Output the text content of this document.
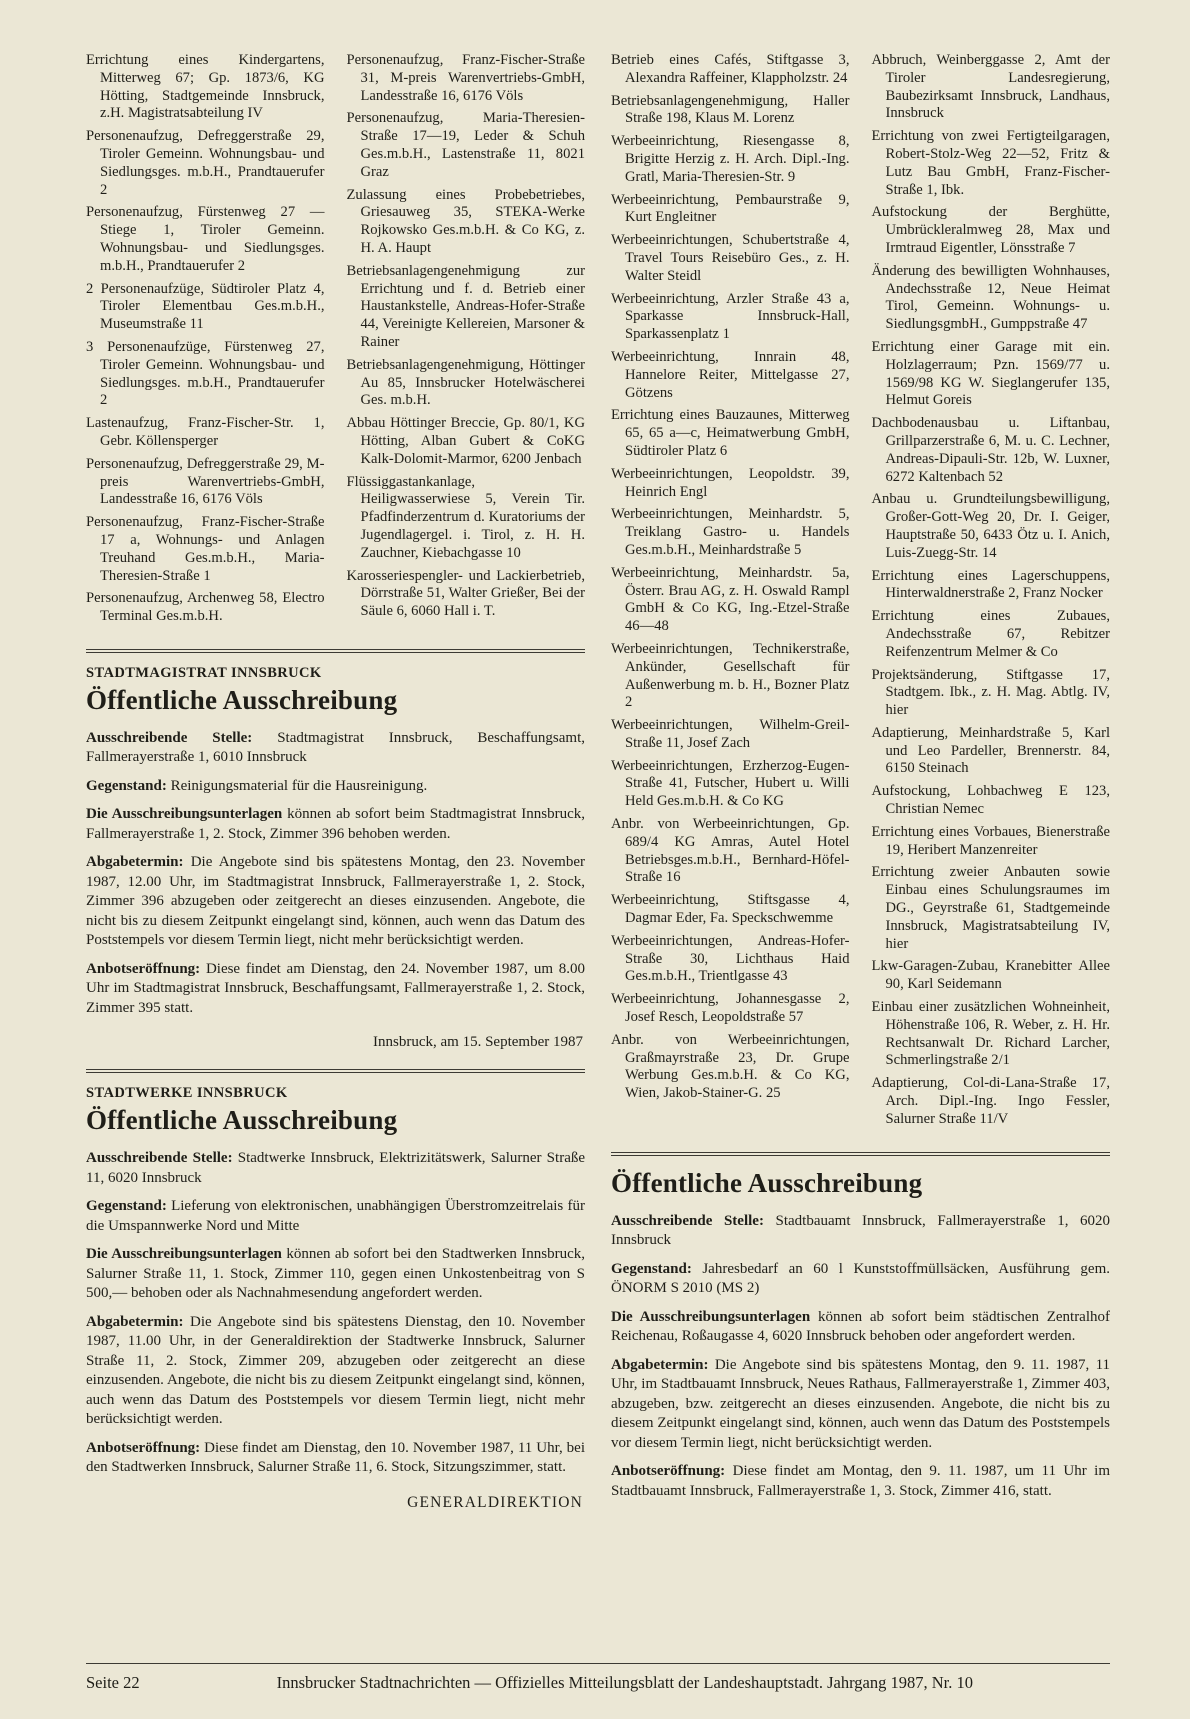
Errichtung eines Kindergartens, Mitterweg 67; Gp. 1873/6, KG Hötting, Stadtgemeinde Innsbruck, z.H. Magistratsabteilung IV

Personenaufzug, Defreggerstraße 29, Tiroler Gemeinn. Wohnungsbau- und Siedlungsges. m.b.H., Prandtauerufer 2

Personenaufzug, Fürstenweg 27 — Stiege 1, Tiroler Gemeinn. Wohnungsbau- und Siedlungsges. m.b.H., Prandtauerufer 2

2 Personenaufzüge, Südtiroler Platz 4, Tiroler Elementbau Ges.m.b.H., Museumstraße 11

3 Personenaufzüge, Fürstenweg 27, Tiroler Gemeinn. Wohnungsbau- und Siedlungsges. m.b.H., Prandtauerufer 2

Lastenaufzug, Franz-Fischer-Str. 1, Gebr. Köllensperger

Personenaufzug, Defreggerstraße 29, M-preis Warenvertriebs-GmbH, Landesstraße 16, 6176 Völs

Personenaufzug, Franz-Fischer-Straße 17 a, Wohnungs- und Anlagen Treuhand Ges.m.b.H., Maria-Theresien-Straße 1

Personenaufzug, Archenweg 58, Electro Terminal Ges.m.b.H.

Personenaufzug, Franz-Fischer-Straße 31, M-preis Warenvertriebs-GmbH, Landesstraße 16, 6176 Völs

Personenaufzug, Maria-Theresien-Straße 17—19, Leder & Schuh Ges.m.b.H., Lastenstraße 11, 8021 Graz

Zulassung eines Probebetriebes, Griesauweg 35, STEKA-Werke Rojkowsko Ges.m.b.H. & Co KG, z. H. A. Haupt

Betriebsanlagengenehmigung zur Errichtung und f. d. Betrieb einer Haustankstelle, Andreas-Hofer-Straße 44, Vereinigte Kellereien, Marsoner & Rainer

Betriebsanlagengenehmigung, Höttinger Au 85, Innsbrucker Hotelwäscherei Ges. m.b.H.

Abbau Höttinger Breccie, Gp. 80/1, KG Hötting, Alban Gubert & CoKG Kalk-Dolomit-Marmor, 6200 Jenbach

Flüssiggastankanlage, Heiligwasserwiese 5, Verein Tir. Pfadfinderzentrum d. Kuratoriums der Jugendlagergel. i. Tirol, z. H. H. Zauchner, Kiebachgasse 10

Karosseriespengler- und Lackierbetrieb, Dörrstraße 51, Walter Grießer, Bei der Säule 6, 6060 Hall i. T.

STADTMAGISTRAT INNSBRUCK
Öffentliche Ausschreibung

Ausschreibende Stelle: Stadtmagistrat Innsbruck, Beschaffungsamt, Fallmerayerstraße 1, 6010 Innsbruck

Gegenstand: Reinigungsmaterial für die Hausreinigung.

Die Ausschreibungsunterlagen können ab sofort beim Stadtmagistrat Innsbruck, Fallmerayerstraße 1, 2. Stock, Zimmer 396 behoben werden.

Abgabetermin: Die Angebote sind bis spätestens Montag, den 23. November 1987, 12.00 Uhr, im Stadtmagistrat Innsbruck, Fallmerayerstraße 1, 2. Stock, Zimmer 396 abzugeben oder zeitgerecht an dieses einzusenden. Angebote, die nicht bis zu diesem Zeitpunkt eingelangt sind, können, auch wenn das Datum des Poststempels vor diesem Termin liegt, nicht mehr berücksichtigt werden.

Anbotseröffnung: Diese findet am Dienstag, den 24. November 1987, um 8.00 Uhr im Stadtmagistrat Innsbruck, Beschaffungsamt, Fallmerayerstraße 1, 2. Stock, Zimmer 395 statt.

Innsbruck, am 15. September 1987

STADTWERKE INNSBRUCK
Öffentliche Ausschreibung

Ausschreibende Stelle: Stadtwerke Innsbruck, Elektrizitätswerk, Salurner Straße 11, 6020 Innsbruck

Gegenstand: Lieferung von elektronischen, unabhängigen Überstromzeitrelais für die Umspannwerke Nord und Mitte

Die Ausschreibungsunterlagen können ab sofort bei den Stadtwerken Innsbruck, Salurner Straße 11, 1. Stock, Zimmer 110, gegen einen Unkostenbeitrag von S 500,— behoben oder als Nachnahmesendung angefordert werden.

Abgabetermin: Die Angebote sind bis spätestens Dienstag, den 10. November 1987, 11.00 Uhr, in der Generaldirektion der Stadtwerke Innsbruck, Salurner Straße 11, 2. Stock, Zimmer 209, abzugeben oder zeitgerecht an diese einzusenden. Angebote, die nicht bis zu diesem Zeitpunkt eingelangt sind, können, auch wenn das Datum des Poststempels vor diesem Termin liegt, nicht mehr berücksichtigt werden.

Anbotseröffnung: Diese findet am Dienstag, den 10. November 1987, 11 Uhr, bei den Stadtwerken Innsbruck, Salurner Straße 11, 6. Stock, Sitzungszimmer, statt.

GENERALDIREKTION

Betrieb eines Cafés, Stiftgasse 3, Alexandra Raffeiner, Klappholzstr. 24

Betriebsanlagengenehmigung, Haller Straße 198, Klaus M. Lorenz

Werbeeinrichtung, Riesengasse 8, Brigitte Herzig z. H. Arch. Dipl.-Ing. Gratl, Maria-Theresien-Str. 9

Werbeeinrichtung, Pembaurstraße 9, Kurt Engleitner

Werbeeinrichtungen, Schubertstraße 4, Travel Tours Reisebüro Ges., z. H. Walter Steidl

Werbeeinrichtung, Arzler Straße 43 a, Sparkasse Innsbruck-Hall, Sparkassenplatz 1

Werbeeinrichtung, Innrain 48, Hannelore Reiter, Mittelgasse 27, Götzens

Errichtung eines Bauzaunes, Mitterweg 65, 65 a—c, Heimatwerbung GmbH, Südtiroler Platz 6

Werbeeinrichtungen, Leopoldstr. 39, Heinrich Engl

Werbeeinrichtungen, Meinhardstr. 5, Treiklang Gastro- u. Handels Ges.m.b.H., Meinhardstraße 5

Werbeeinrichtung, Meinhardstr. 5a, Österr. Brau AG, z. H. Oswald Rampl GmbH & Co KG, Ing.-Etzel-Straße 46—48

Werbeeinrichtungen, Technikerstraße, Ankünder, Gesellschaft für Außenwerbung m. b. H., Bozner Platz 2

Werbeeinrichtungen, Wilhelm-Greil-Straße 11, Josef Zach

Werbeeinrichtungen, Erzherzog-Eugen-Straße 41, Futscher, Hubert u. Willi Held Ges.m.b.H. & Co KG

Anbr. von Werbeeinrichtungen, Gp. 689/4 KG Amras, Autel Hotel Betriebsges.m.b.H., Bernhard-Höfel-Straße 16

Werbeeinrichtung, Stiftsgasse 4, Dagmar Eder, Fa. Speckschwemme

Werbeeinrichtungen, Andreas-Hofer-Straße 30, Lichthaus Haid Ges.m.b.H., Trientlgasse 43

Werbeeinrichtung, Johannesgasse 2, Josef Resch, Leopoldstraße 57

Anbr. von Werbeeinrichtungen, Graßmayrstraße 23, Dr. Grupe Werbung Ges.m.b.H. & Co KG, Wien, Jakob-Stainer-G. 25

Abbruch, Weinberggasse 2, Amt der Tiroler Landesregierung, Baubezirksamt Innsbruck, Landhaus, Innsbruck

Errichtung von zwei Fertigteilgaragen, Robert-Stolz-Weg 22—52, Fritz & Lutz Bau GmbH, Franz-Fischer-Straße 1, Ibk.

Aufstockung der Berghütte, Umbrückleralmweg 28, Max und Irmtraud Eigentler, Lönsstraße 7

Änderung des bewilligten Wohnhauses, Andechsstraße 12, Neue Heimat Tirol, Gemeinn. Wohnungs- u. SiedlungsgmbH., Gumppstraße 47

Errichtung einer Garage mit ein. Holzlagerraum; Pzn. 1569/77 u. 1569/98 KG W. Sieglangerufer 135, Helmut Goreis

Dachbodenausbau u. Liftanbau, Grillparzerstraße 6, M. u. C. Lechner, Andreas-Dipauli-Str. 12b, W. Luxner, 6272 Kaltenbach 52

Anbau u. Grundteilungsbewilligung, Großer-Gott-Weg 20, Dr. I. Geiger, Hauptstraße 50, 6433 Ötz u. I. Anich, Luis-Zuegg-Str. 14

Errichtung eines Lagerschuppens, Hinterwaldnerstraße 2, Franz Nocker

Errichtung eines Zubaues, Andechsstraße 67, Rebitzer Reifenzentrum Melmer & Co

Projektsänderung, Stiftgasse 17, Stadtgem. Ibk., z. H. Mag. Abtlg. IV, hier

Adaptierung, Meinhardstraße 5, Karl und Leo Pardeller, Brennerstr. 84, 6150 Steinach

Aufstockung, Lohbachweg E 123, Christian Nemec

Errichtung eines Vorbaues, Bienerstraße 19, Heribert Manzenreiter

Errichtung zweier Anbauten sowie Einbau eines Schulungsraumes im DG., Geyrstraße 61, Stadtgemeinde Innsbruck, Magistratsabteilung IV, hier

Lkw-Garagen-Zubau, Kranebitter Allee 90, Karl Seidemann

Einbau einer zusätzlichen Wohneinheit, Höhenstraße 106, R. Weber, z. H. Hr. Rechtsanwalt Dr. Richard Larcher, Schmerlingstraße 2/1

Adaptierung, Col-di-Lana-Straße 17, Arch. Dipl.-Ing. Ingo Fessler, Salurner Straße 11/V

Öffentliche Ausschreibung

Ausschreibende Stelle: Stadtbauamt Innsbruck, Fallmerayerstraße 1, 6020 Innsbruck

Gegenstand: Jahresbedarf an 60 l Kunststoffmüllsäcken, Ausführung gem. ÖNORM S 2010 (MS 2)

Die Ausschreibungsunterlagen können ab sofort beim städtischen Zentralhof Reichenau, Roßaugasse 4, 6020 Innsbruck behoben oder angefordert werden.

Abgabetermin: Die Angebote sind bis spätestens Montag, den 9. 11. 1987, 11 Uhr, im Stadtbauamt Innsbruck, Neues Rathaus, Fallmerayerstraße 1, Zimmer 403, abzugeben, bzw. zeitgerecht an dieses einzusenden. Angebote, die nicht bis zu diesem Zeitpunkt eingelangt sind, können, auch wenn das Datum des Poststempels vor diesem Termin liegt, nicht berücksichtigt werden.

Anbotseröffnung: Diese findet am Montag, den 9. 11. 1987, um 11 Uhr im Stadtbauamt Innsbruck, Fallmerayerstraße 1, 3. Stock, Zimmer 416, statt.

Seite 22	Innsbrucker Stadtnachrichten — Offizielles Mitteilungsblatt der Landeshauptstadt. Jahrgang 1987, Nr. 10
